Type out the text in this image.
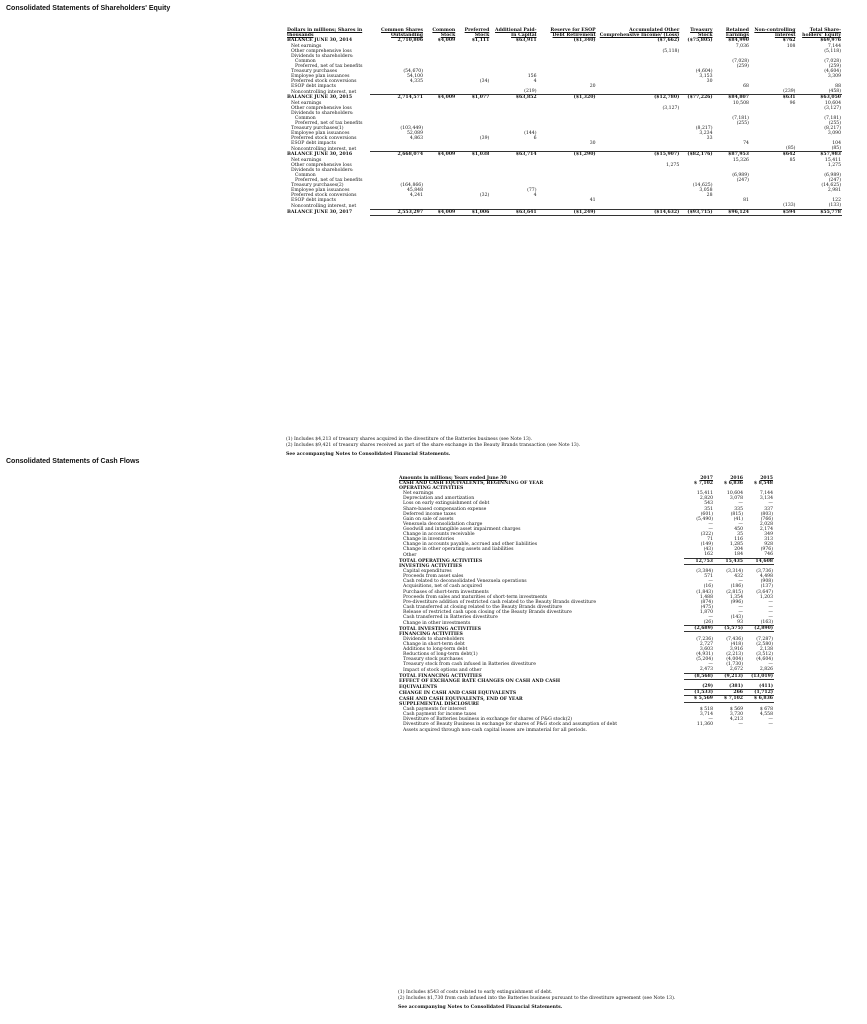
Consolidated Statements of Shareholders' Equity
Consolidated Statements of Cash Flows
Dollars in millions; Shares in thousands	Common Shares Outstanding	Common Stock	Preferred Stock	Additional Paid-In Capital	Reserve for ESOP Debt Retirement	Accumulated Other Comprehensive Income/ (Loss)	Treasury Stock	Retained Earnings	Non-controlling Interest	Total Share-holders' Equity
BALANCE JUNE 30, 2014	2,710,806	$4,009	$1,111	$63,911	($1,340)	($7,662)	($75,805)	$84,990	$762	$69,976
Net earnings								7,036	108	7,144
Other comprehensive loss						(5,118)				(5,118)
Dividends to shareholders:										
Common								(7,028)		(7,028)
Preferred, net of tax benefits								(259)		(259)
Treasury purchases	(54,670)						(4,604)			(4,604)
Employee plan issuances	54,100			156			3,153			3,309
Preferred stock conversions	4,335		(34)	4			30			
ESOP debt impacts					20			68		88
Noncontrolling interest, net				(219)					(239)	(458)
BALANCE JUNE 30, 2015	2,714,571	$4,009	$1,077	$63,852	($1,320)	($12,780)	($77,226)	$84,807	$631	$63,050
Net earnings								10,508	96	10,604
Other comprehensive loss						(3,127)				(3,127)
Dividends to shareholders:										
Common								(7,181)		(7,181)
Preferred, net of tax benefits								(255)		(255)
Treasury purchases(1)	(103,449)						(8,217)			(8,217)
Employee plan issuances	52,089			(144)			3,234			3,090
Preferred stock conversions	4,863		(39)	6			33			
ESOP debt impacts					30			74		104
Noncontrolling interest, net									(85)	(85)
BALANCE JUNE 30, 2016	2,668,074	$4,009	$1,038	$63,714	($1,290)	($15,907)	($82,176)	$87,953	$642	$57,983
Net earnings								15,326	85	15,411
Other comprehensive loss						1,275				1,275
Dividends to shareholders:										
Common								(6,989)		(6,989)
Preferred, net of tax benefits								(247)		(247)
Treasury purchases(2)	(164,866)						(14,625)			(14,625)
Employee plan issuances	45,848			(77)			3,058			2,981
Preferred stock conversions	4,241		(32)	4			28			
ESOP debt impacts					41			81		122
Noncontrolling interest, net									(133)	(133)
BALANCE JUNE 30, 2017	2,553,297	$4,009	$1,006	$63,641	($1,249)	($14,632)	($93,715)	$96,124	$594	$55,778
(1) Includes $4,213 of treasury shares acquired in the divestiture of the Batteries business (see Note 13).
(2) Includes $9,421 of treasury shares received as part of the share exchange in the Beauty Brands transaction (see Note 13).
See accompanying Notes to Consolidated Financial Statements.
Amounts in millions; Years ended June 30	2017	2016	2015
CASH AND CASH EQUIVALENTS, BEGINNING OF YEAR	$ 7,102	$ 6,836	$ 8,548
OPERATING ACTIVITIES			
Net earnings	15,411	10,604	7,144
Depreciation and amortization	2,820	3,078	3,134
Loss on early extinguishment of debt	543	—	—
Share-based compensation expense	351	335	337
Deferred income taxes	(601)	(815)	(803)
Gain on sale of assets	(5,490)	(41)	(766)
Venezuela deconsolidation charge	—	—	2,028
Goodwill and intangible asset impairment charges	—	450	2,174
Change in accounts receivable	(322)	35	349
Change in inventories	71	116	313
Change in accounts payable, accrued and other liabilities	(149)	1,285	928
Change in other operating assets and liabilities	(43)	204	(976)
Other	162	184	746
TOTAL OPERATING ACTIVITIES	12,753	15,435	14,608
INVESTING ACTIVITIES			
Capital expenditures	(3,384)	(3,314)	(3,736)
Proceeds from asset sales	571	432	4,498
Cash related to deconsolidated Venezuela operations	—	—	(908)
Acquisitions, net of cash acquired	(16)	(186)	(137)
Purchases of short-term investments	(1,843)	(2,815)	(3,647)
Proceeds from sales and maturities of short-term investments	1,488	1,354	1,203
Pre-divestiture addition of restricted cash related to the Beauty Brands divestiture	(874)	(996)	—
Cash transferred at closing related to the Beauty Brands divestiture	(475)	—	—
Release of restricted cash upon closing of the Beauty Brands divestiture	1,870	—	—
Cash transferred in Batteries divestiture	—	(143)	—
Change in other investments	(26)	93	(163)
TOTAL INVESTING ACTIVITIES	(2,689)	(5,575)	(2,890)
FINANCING ACTIVITIES			
Dividends to shareholders	(7,236)	(7,436)	(7,287)
Change in short-term debt	2,727	(418)	(2,580)
Additions to long-term debt	3,603	3,916	2,138
Reductions of long-term debt(1)	(4,931)	(2,213)	(3,512)
Treasury stock purchases	(5,204)	(4,004)	(4,604)
Treasury stock from cash infused in Batteries divestiture	—	(1,730)	—
Impact of stock options and other	2,473	2,672	2,826
TOTAL FINANCING ACTIVITIES	(8,568)	(9,213)	(13,019)
EFFECT OF EXCHANGE RATE CHANGES ON CASH AND CASH			
EQUIVALENTS	(29)	(381)	(411)
CHANGE IN CASH AND CASH EQUIVALENTS	(1,533)	266	(1,712)
CASH AND CASH EQUIVALENTS, END OF YEAR	$ 5,569	$ 7,102	$ 6,836
SUPPLEMENTAL DISCLOSURE			
Cash payments for interest	$ 518	$ 569	$ 678
Cash payment for income taxes	3,714	3,730	4,558
Divestiture of Batteries business in exchange for shares of P&G stock(2)	—	4,213	—
Divestiture of Beauty Business in exchange for shares of P&G stock and assumption of debt	11,360	—	—
Assets acquired through non-cash capital leases are immaterial for all periods.			
(1) Includes $543 of costs related to early extinguishment of debt.
(2) Includes $1,730 from cash infused into the Batteries business pursuant to the divestiture agreement (see Note 13).
See accompanying Notes to Consolidated Financial Statements.
